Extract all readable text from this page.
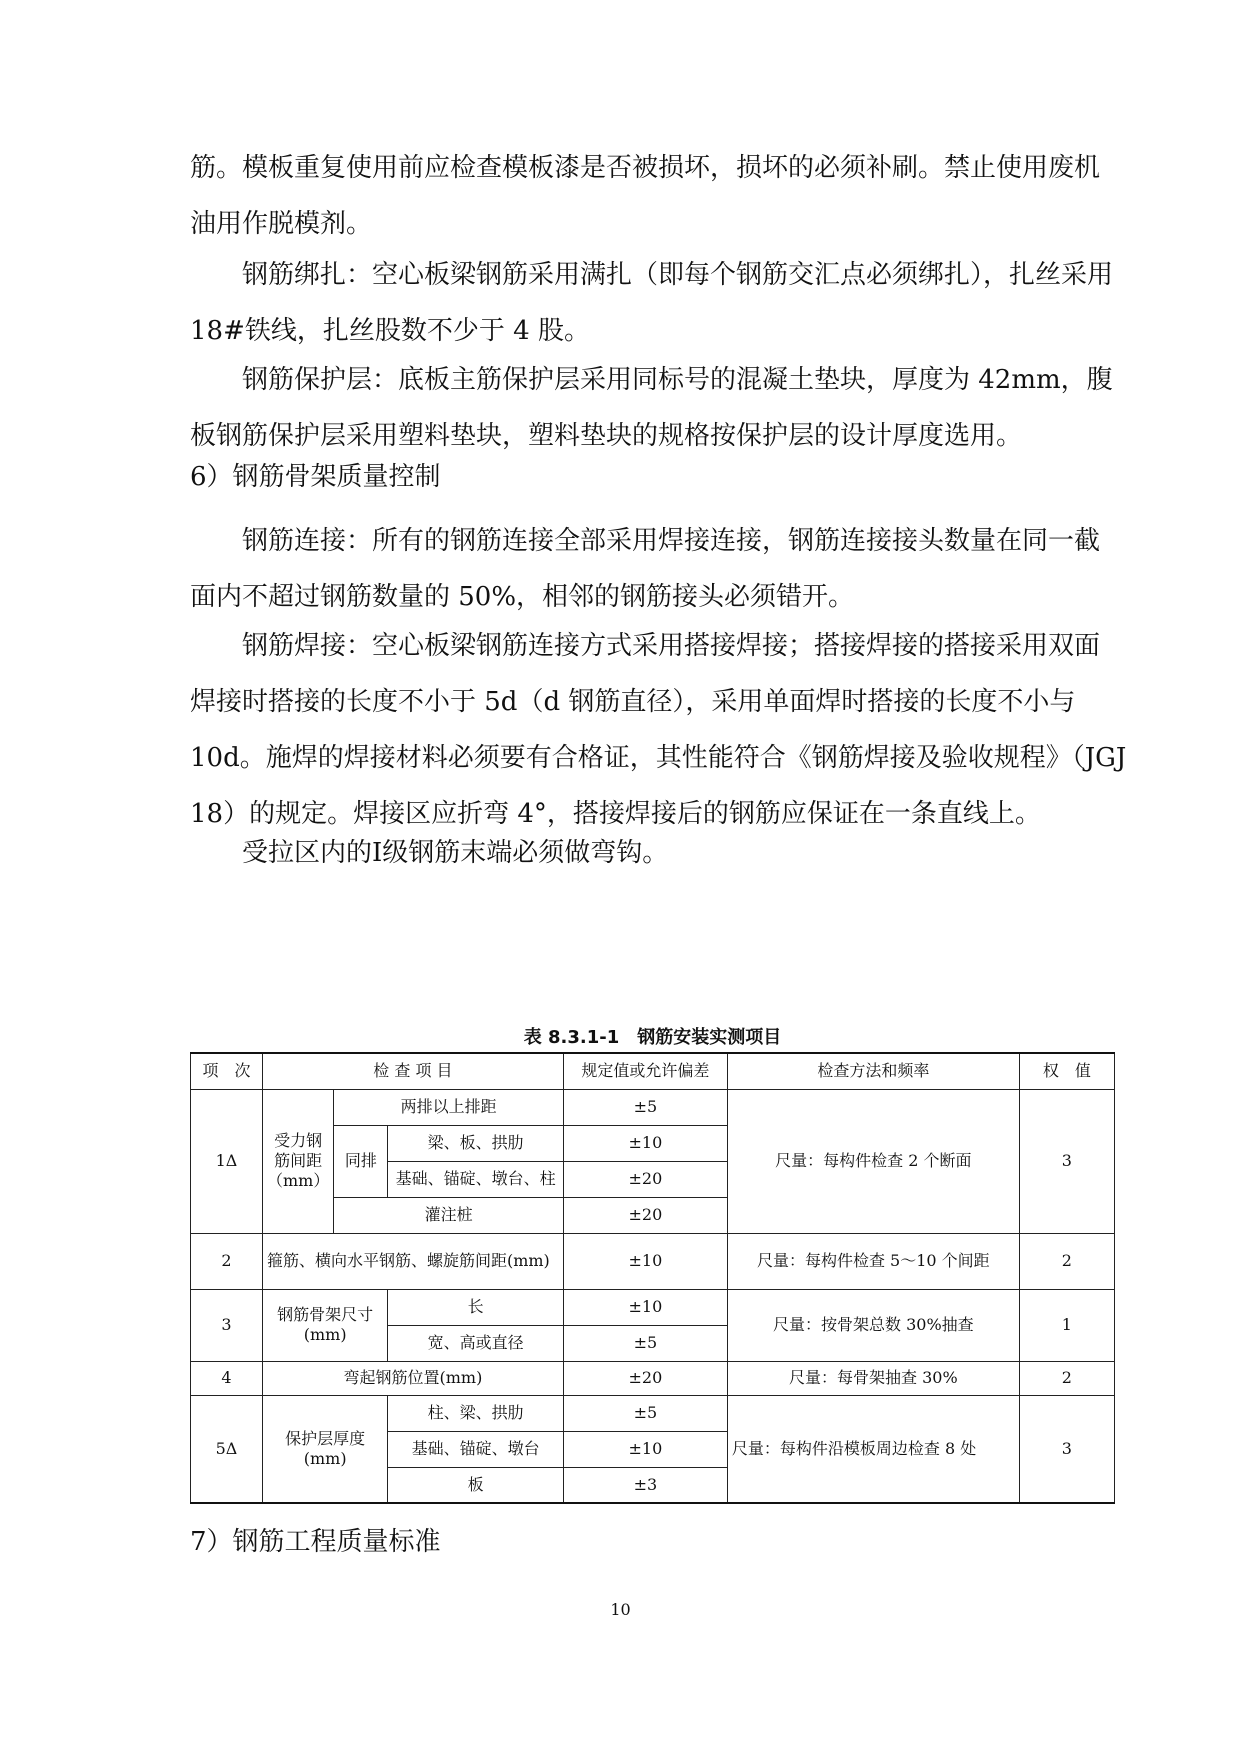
筋。模板重复使用前应检查模板漆是否被损坏，损坏的必须补刷。禁止使用废机
油用作脱模剂。
钢筋绑扎：空心板梁钢筋采用满扎（即每个钢筋交汇点必须绑扎），扎丝采用
18#铁线，扎丝股数不少于 4 股。
钢筋保护层：底板主筋保护层采用同标号的混凝土垫块，厚度为 42mm，腹
板钢筋保护层采用塑料垫块，塑料垫块的规格按保护层的设计厚度选用。
6）钢筋骨架质量控制
钢筋连接：所有的钢筋连接全部采用焊接连接，钢筋连接接头数量在同一截
面内不超过钢筋数量的 50%，相邻的钢筋接头必须错开。
钢筋焊接：空心板梁钢筋连接方式采用搭接焊接；搭接焊接的搭接采用双面
焊接时搭接的长度不小于 5d（d 钢筋直径），采用单面焊时搭接的长度不小与
10d。施焊的焊接材料必须要有合格证，其性能符合《钢筋焊接及验收规程》（JGJ
18）的规定。焊接区应折弯 4°，搭接焊接后的钢筋应保证在一条直线上。
受拉区内的Ⅰ级钢筋末端必须做弯钩。
表 8.3.1-1　钢筋安装实测项目
项　次	检 查 项 目			规定值或允许偏差	检查方法和频率	权　值
1Δ	受力钢筋间距（mm）	两排以上排距		±5	尺量：每构件检查 2 个断面	3
		同排	梁、板、拱肋	±10		
			基础、锚碇、墩台、柱	±20		
		灌注桩		±20		
2	箍筋、横向水平钢筋、螺旋筋间距(mm)			±10	尺量：每构件检查 5～10 个间距	2
3	钢筋骨架尺寸(mm)		长	±10	尺量：按骨架总数 30%抽查	1
			宽、高或直径	±5		
4	弯起钢筋位置(mm)			±20	尺量：每骨架抽查 30%	2
5Δ	保护层厚度(mm)		柱、梁、拱肋	±5	尺量：每构件沿模板周边检查 8 处	3
			基础、锚碇、墩台	±10		
			板	±3		
7）钢筋工程质量标准
10
